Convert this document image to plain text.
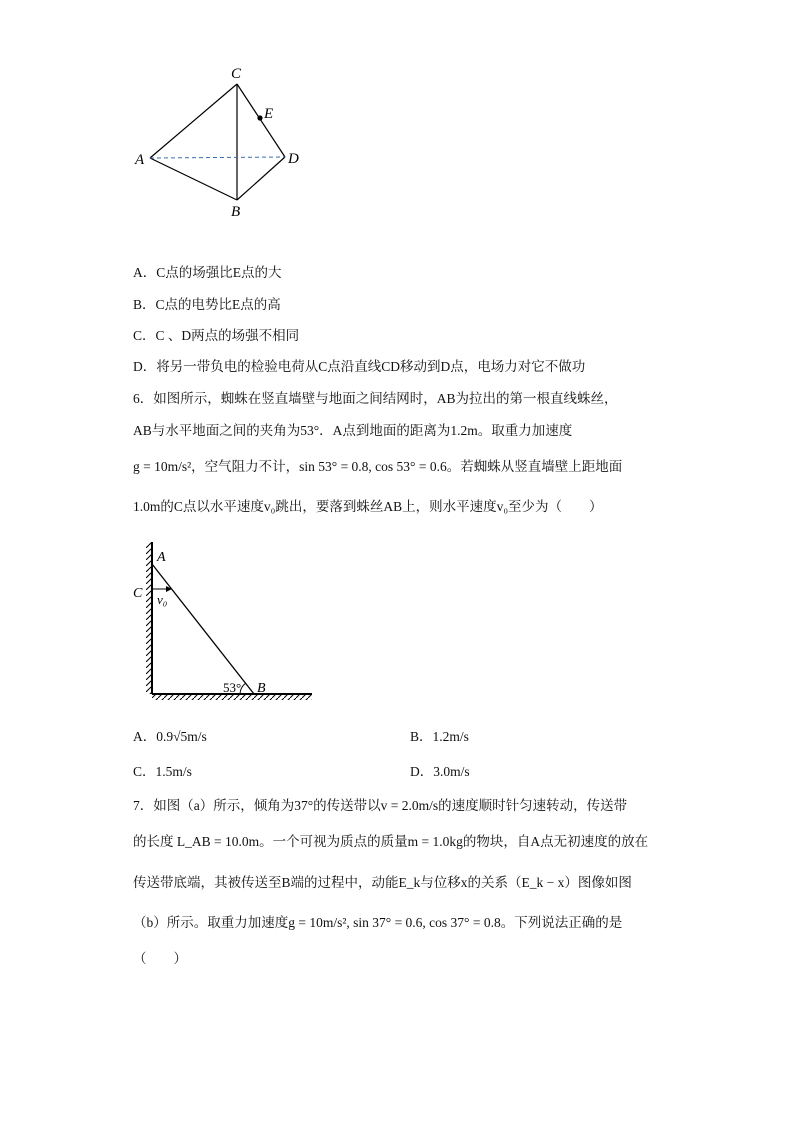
C
E
A	D
B
A．C点的场强比E点的大
B．C点的电势比E点的高
C．C 、D两点的场强不相同
D．将另一带负电的检验电荷从C点沿直线CD移动到D点，电场力对它不做功
6．如图所示，蜘蛛在竖直墙壁与地面之间结网时，AB为拉出的第一根直线蛛丝，
AB与水平地面之间的夹角为53°．A点到地面的距离为1.2m。取重力加速度
g = 10m/s²，空气阻力不计，sin 53° = 0.8, cos 53° = 0.6。若蜘蛛从竖直墙壁上距地面
1.0m的C点以水平速度v₀跳出，要落到蛛丝AB上，则水平速度v₀至少为（　　）
A
C v₀
53° B
A．0.9√5m/s	B．1.2m/s
C．1.5m/s	D．3.0m/s
7．如图（a）所示，倾角为37°的传送带以v = 2.0m/s的速度顺时针匀速转动，传送带
的长度 L_AB = 10.0m。一个可视为质点的质量m = 1.0kg的物块，自A点无初速度的放在
传送带底端，其被传送至B端的过程中，动能E_k与位移x的关系（E_k − x）图像如图
（b）所示。取重力加速度g = 10m/s², sin 37° = 0.6, cos 37° = 0.8。下列说法正确的是
（　　）
